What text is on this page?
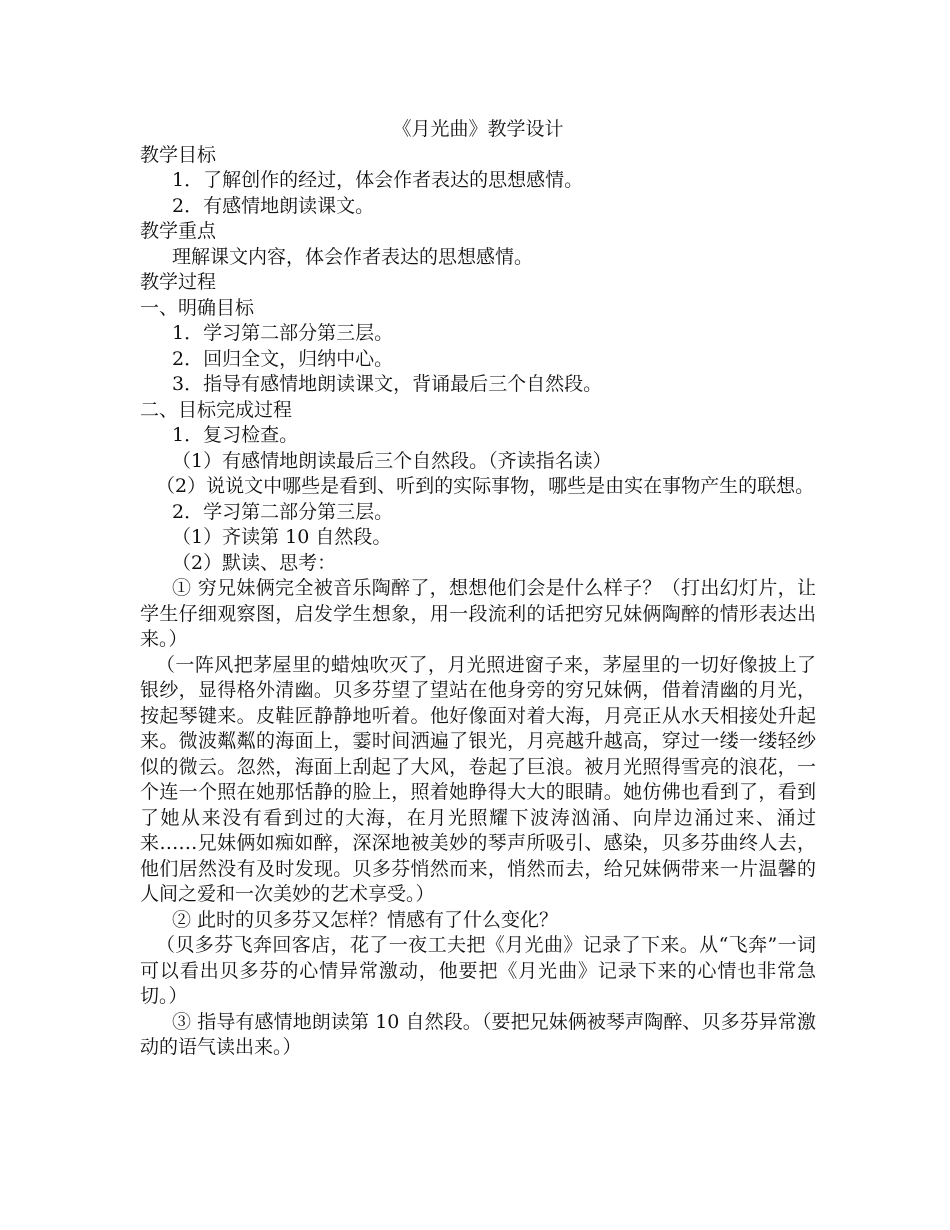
《月光曲》教学设计

教学目标

1．了解创作的经过，体会作者表达的思想感情。

2．有感情地朗读课文。

教学重点

理解课文内容，体会作者表达的思想感情。

教学过程

一、明确目标

1．学习第二部分第三层。

2．回归全文，归纳中心。

3．指导有感情地朗读课文，背诵最后三个自然段。

二、目标完成过程

1．复习检查。

（1）有感情地朗读最后三个自然段。（齐读指名读）

（2）说说文中哪些是看到、听到的实际事物，哪些是由实在事物产生的联想。

2．学习第二部分第三层。

（1）齐读第 10 自然段。

（2）默读、思考：

① 穷兄妹俩完全被音乐陶醉了，想想他们会是什么样子？（打出幻灯片，让学生仔细观察图，启发学生想象，用一段流利的话把穷兄妹俩陶醉的情形表达出来。）

（一阵风把茅屋里的蜡烛吹灭了，月光照进窗子来，茅屋里的一切好像披上了银纱，显得格外清幽。贝多芬望了望站在他身旁的穷兄妹俩，借着清幽的月光，按起琴键来。皮鞋匠静静地听着。他好像面对着大海，月亮正从水天相接处升起来。微波粼粼的海面上，霎时间洒遍了银光，月亮越升越高，穿过一缕一缕轻纱似的微云。忽然，海面上刮起了大风，卷起了巨浪。被月光照得雪亮的浪花，一个连一个照在她那恬静的脸上，照着她睁得大大的眼睛。她仿佛也看到了，看到了她从来没有看到过的大海，在月光照耀下波涛汹涌、向岸边涌过来、涌过来……兄妹俩如痴如醉，深深地被美妙的琴声所吸引、感染，贝多芬曲终人去，他们居然没有及时发现。贝多芬悄然而来，悄然而去，给兄妹俩带来一片温馨的人间之爱和一次美妙的艺术享受。）

② 此时的贝多芬又怎样？情感有了什么变化？

（贝多芬飞奔回客店，花了一夜工夫把《月光曲》记录了下来。从“飞奔”一词可以看出贝多芬的心情异常激动，他要把《月光曲》记录下来的心情也非常急切。）

③ 指导有感情地朗读第 10 自然段。（要把兄妹俩被琴声陶醉、贝多芬异常激动的语气读出来。）
